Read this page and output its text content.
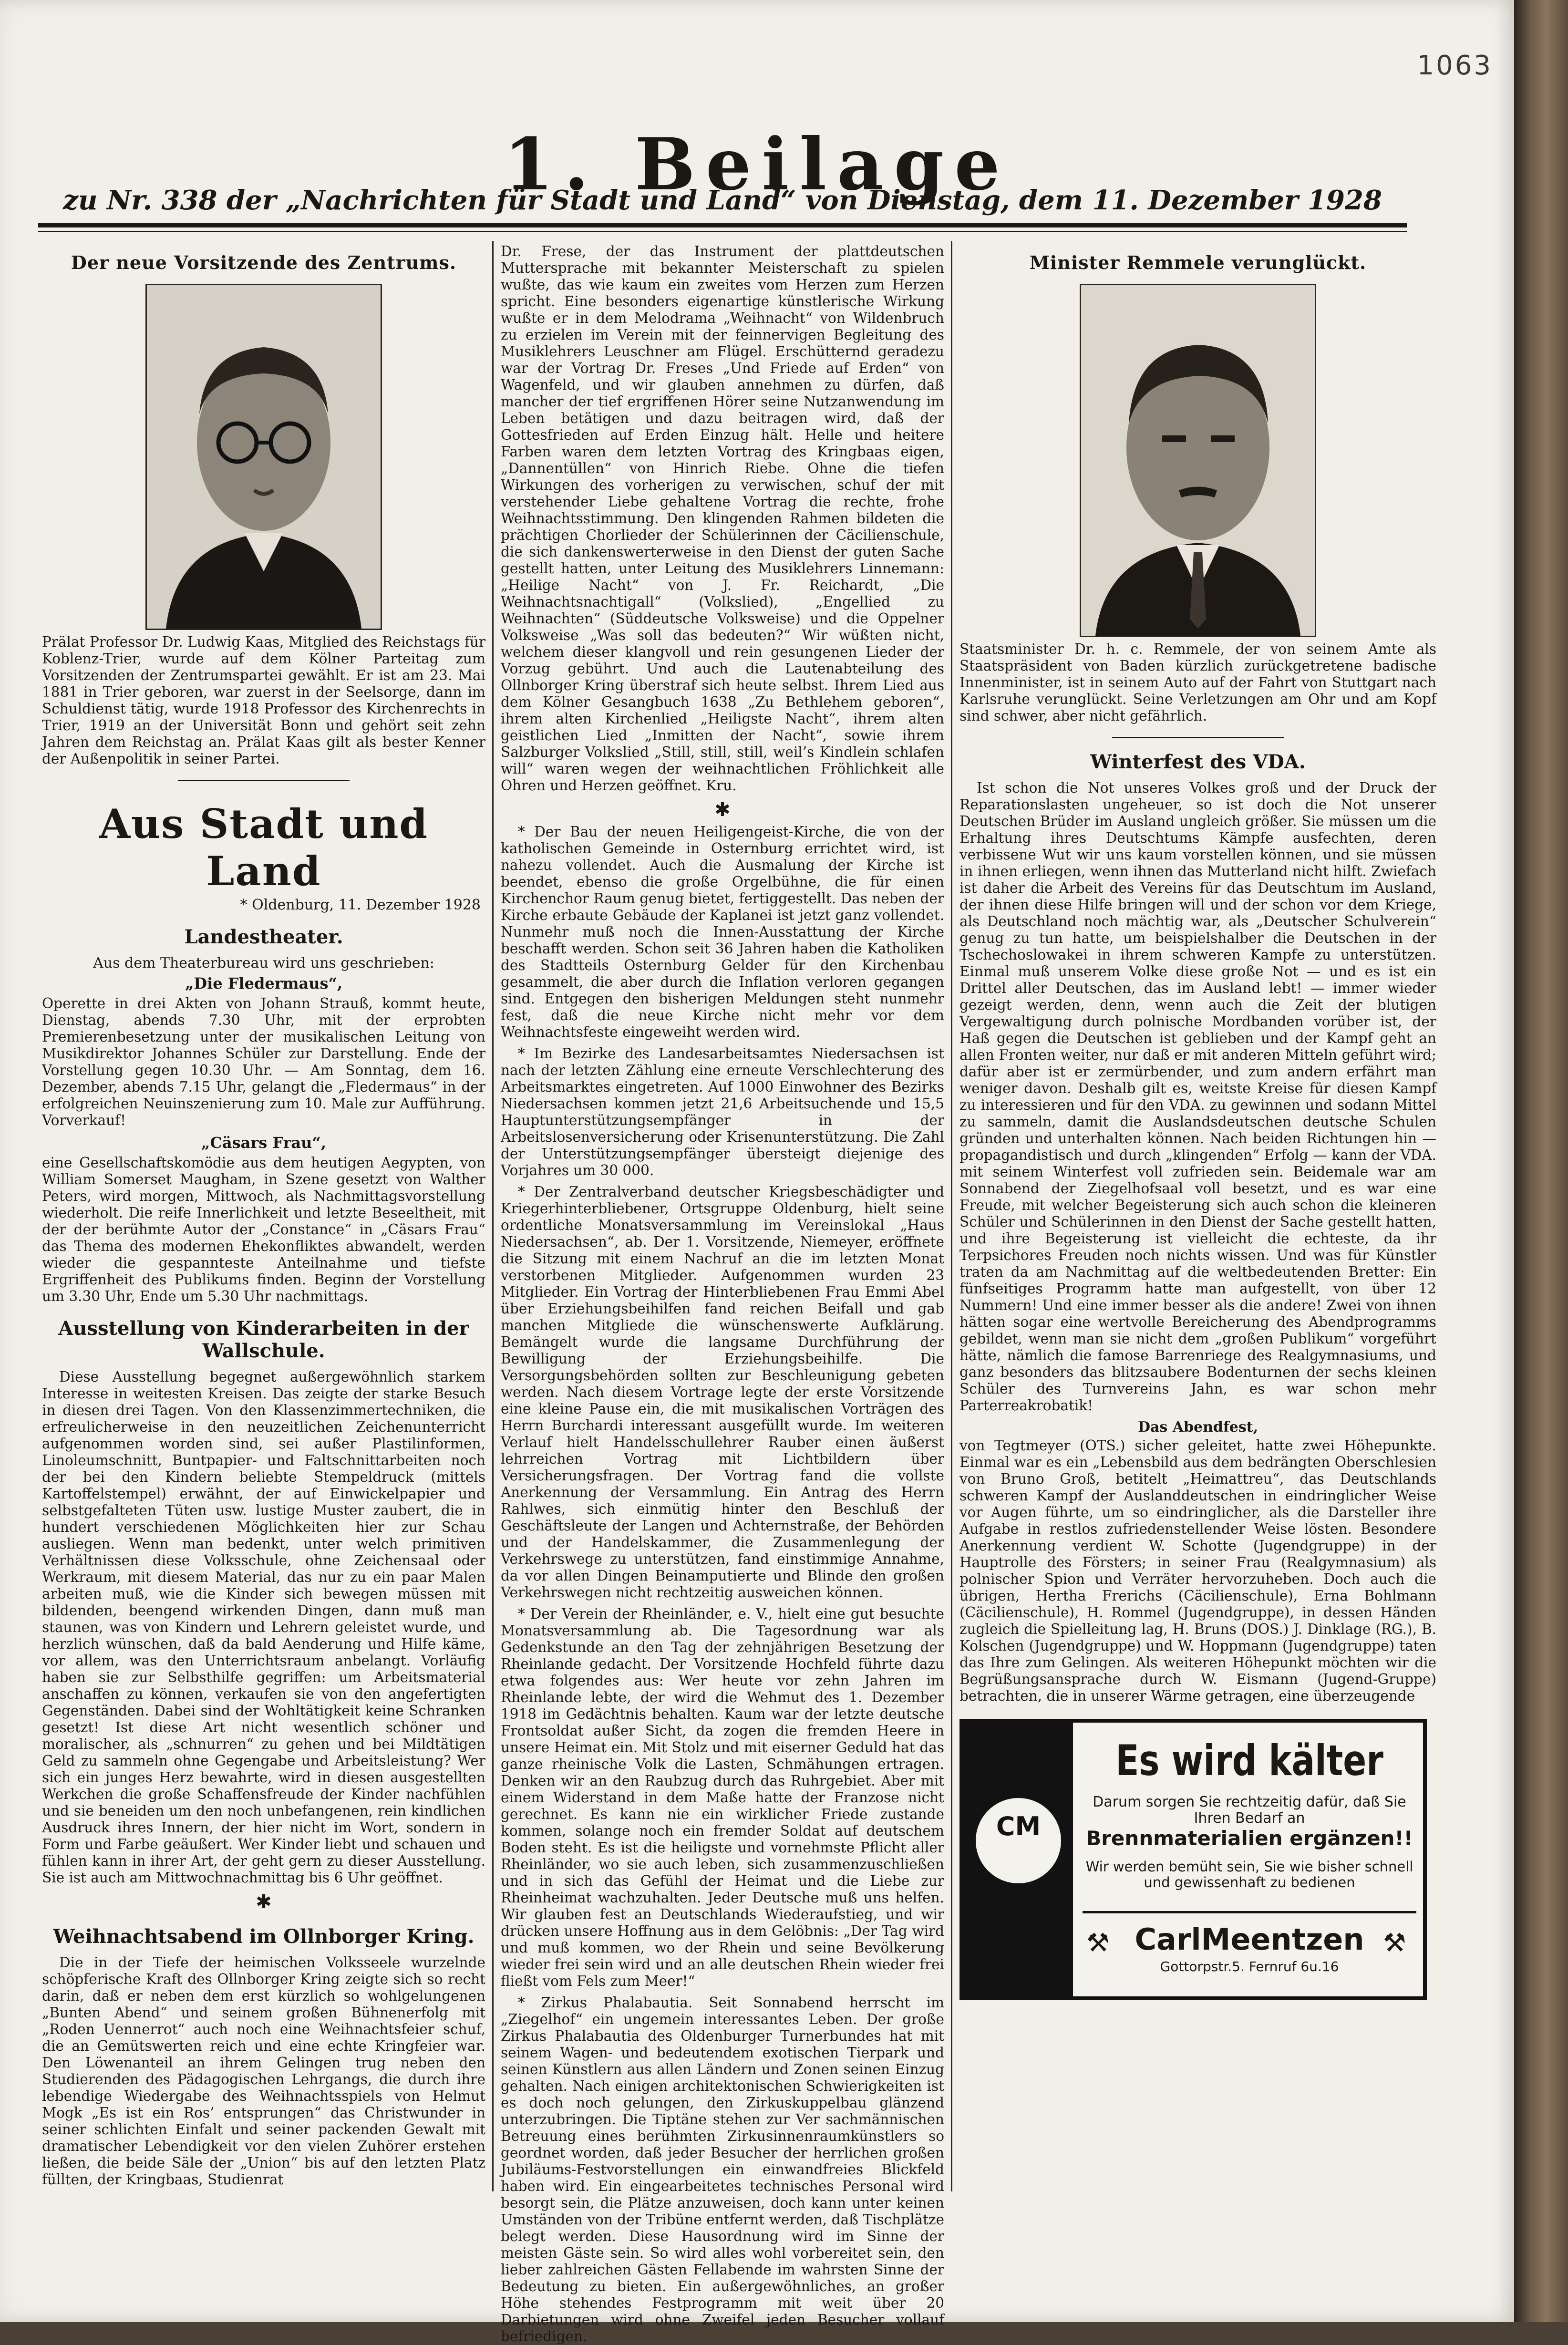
1063
1. Beilage
zu Nr. 338 der „Nachrichten für Stadt und Land“ von Dienstag, dem 11. Dezember 1928
Der neue Vorsitzende des Zentrums.
Prälat Professor Dr. Ludwig Kaas, Mitglied des Reichstags für Koblenz-Trier, wurde auf dem Kölner Parteitag zum Vorsitzenden der Zentrumspartei gewählt. Er ist am 23. Mai 1881 in Trier geboren, war zuerst in der Seelsorge, dann im Schuldienst tätig, wurde 1918 Professor des Kirchenrechts in Trier, 1919 an der Universität Bonn und gehört seit zehn Jahren dem Reichstag an. Prälat Kaas gilt als bester Kenner der Außenpolitik in seiner Partei.
Aus Stadt und Land
* Oldenburg, 11. Dezember 1928
Landestheater.
Aus dem Theaterbureau wird uns geschrieben:
„Die Fledermaus“,

Operette in drei Akten von Johann Strauß, kommt heute, Dienstag, abends 7.30 Uhr, mit der erprobten Premierenbesetzung unter der musikalischen Leitung von Musikdirektor Johannes Schüler zur Darstellung. Ende der Vorstellung gegen 10.30 Uhr. — Am Sonntag, dem 16. Dezember, abends 7.15 Uhr, gelangt die „Fledermaus“ in der erfolgreichen Neuinszenierung zum 10. Male zur Aufführung. Vorverkauf!

„Cäsars Frau“,

eine Gesellschaftskomödie aus dem heutigen Aegypten, von William Somerset Maugham, in Szene gesetzt von Walther Peters, wird morgen, Mittwoch, als Nachmittagsvorstellung wiederholt. Die reife Innerlichkeit und letzte Beseeltheit, mit der der berühmte Autor der „Constance“ in „Cäsars Frau“ das Thema des modernen Ehekonfliktes abwandelt, werden wieder die gespannteste Anteilnahme und tiefste Ergriffenheit des Publikums finden. Beginn der Vorstellung um 3.30 Uhr, Ende um 5.30 Uhr nachmittags.

Ausstellung von Kinderarbeiten in der Wallschule.

Diese Ausstellung begegnet außergewöhnlich starkem Interesse in weitesten Kreisen. Das zeigte der starke Besuch in diesen drei Tagen. Von den Klassenzimmertechniken, die erfreulicherweise in den neuzeitlichen Zeichenunterricht aufgenommen worden sind, sei außer Plastilinformen, Linoleumschnitt, Buntpapier- und Faltschnittarbeiten noch der bei den Kindern beliebte Stempeldruck (mittels Kartoffelstempel) erwähnt, der auf Einwickelpapier und selbstgefalteten Tüten usw. lustige Muster zaubert, die in hundert verschiedenen Möglichkeiten hier zur Schau ausliegen. Wenn man bedenkt, unter welch primitiven Verhältnissen diese Volksschule, ohne Zeichensaal oder Werkraum, mit diesem Material, das nur zu ein paar Malen arbeiten muß, wie die Kinder sich bewegen müssen mit bildenden, beengend wirkenden Dingen, dann muß man staunen, was von Kindern und Lehrern geleistet wurde, und herzlich wünschen, daß da bald Aenderung und Hilfe käme, vor allem, was den Unterrichtsraum anbelangt. Vorläufig haben sie zur Selbsthilfe gegriffen: um Arbeitsmaterial anschaffen zu können, verkaufen sie von den angefertigten Gegenständen. Dabei sind der Wohltätigkeit keine Schranken gesetzt! Ist diese Art nicht wesentlich schöner und moralischer, als „schnurren“ zu gehen und bei Mildtätigen Geld zu sammeln ohne Gegengabe und Arbeitsleistung? Wer sich ein junges Herz bewahrte, wird in diesen ausgestellten Werkchen die große Schaffensfreude der Kinder nachfühlen und sie beneiden um den noch unbefangenen, rein kindlichen Ausdruck ihres Innern, der hier nicht im Wort, sondern in Form und Farbe geäußert. Wer Kinder liebt und schauen und fühlen kann in ihrer Art, der geht gern zu dieser Ausstellung. Sie ist auch am Mittwochnachmittag bis 6 Uhr geöffnet.

✱
Weihnachtsabend im Ollnborger Kring.

Die in der Tiefe der heimischen Volksseele wurzelnde schöpferische Kraft des Ollnborger Kring zeigte sich so recht darin, daß er neben dem erst kürzlich so wohlgelungenen „Bunten Abend“ und seinem großen Bühnenerfolg mit „Roden Uennerrot“ auch noch eine Weihnachtsfeier schuf, die an Gemütswerten reich und eine echte Kringfeier war. Den Löwenanteil an ihrem Gelingen trug neben den Studierenden des Pädagogischen Lehrgangs, die durch ihre lebendige Wiedergabe des Weihnachtsspiels von Helmut Mogk „Es ist ein Ros’ entsprungen“ das Christwunder in seiner schlichten Einfalt und seiner packenden Gewalt mit dramatischer Lebendigkeit vor den vielen Zuhörer erstehen ließen, die beide Säle der „Union“ bis auf den letzten Platz füllten, der Kringbaas, Studienrat

Dr. Frese, der das Instrument der plattdeutschen Muttersprache mit bekannter Meisterschaft zu spielen wußte, das wie kaum ein zweites vom Herzen zum Herzen spricht. Eine besonders eigenartige künstlerische Wirkung wußte er in dem Melodrama „Weihnacht“ von Wildenbruch zu erzielen im Verein mit der feinnervigen Begleitung des Musiklehrers Leuschner am Flügel. Erschütternd geradezu war der Vortrag Dr. Freses „Und Friede auf Erden“ von Wagenfeld, und wir glauben annehmen zu dürfen, daß mancher der tief ergriffenen Hörer seine Nutzanwendung im Leben betätigen und dazu beitragen wird, daß der Gottesfrieden auf Erden Einzug hält. Helle und heitere Farben waren dem letzten Vortrag des Kringbaas eigen, „Dannentüllen“ von Hinrich Riebe. Ohne die tiefen Wirkungen des vorherigen zu verwischen, schuf der mit verstehender Liebe gehaltene Vortrag die rechte, frohe Weihnachtsstimmung. Den klingenden Rahmen bildeten die prächtigen Chorlieder der Schülerinnen der Cäcilienschule, die sich dankenswerterweise in den Dienst der guten Sache gestellt hatten, unter Leitung des Musiklehrers Linnemann: „Heilige Nacht“ von J. Fr. Reichardt, „Die Weihnachtsnachtigall“ (Volkslied), „Engellied zu Weihnachten“ (Süddeutsche Volksweise) und die Oppelner Volksweise „Was soll das bedeuten?“ Wir wüßten nicht, welchem dieser klangvoll und rein gesungenen Lieder der Vorzug gebührt. Und auch die Lautenabteilung des Ollnborger Kring überstraf sich heute selbst. Ihrem Lied aus dem Kölner Gesangbuch 1638 „Zu Bethlehem geboren“, ihrem alten Kirchenlied „Heiligste Nacht“, ihrem alten geistlichen Lied „Inmitten der Nacht“, sowie ihrem Salzburger Volkslied „Still, still, still, weil’s Kindlein schlafen will“ waren wegen der weihnachtlichen Fröhlichkeit alle Ohren und Herzen geöffnet. Kru.

✱

* Der Bau der neuen Heiligengeist-Kirche, die von der katholischen Gemeinde in Osternburg errichtet wird, ist nahezu vollendet. Auch die Ausmalung der Kirche ist beendet, ebenso die große Orgelbühne, die für einen Kirchenchor Raum genug bietet, fertiggestellt. Das neben der Kirche erbaute Gebäude der Kaplanei ist jetzt ganz vollendet. Nunmehr muß noch die Innen-Ausstattung der Kirche beschafft werden. Schon seit 36 Jahren haben die Katholiken des Stadtteils Osternburg Gelder für den Kirchenbau gesammelt, die aber durch die Inflation verloren gegangen sind. Entgegen den bisherigen Meldungen steht nunmehr fest, daß die neue Kirche nicht mehr vor dem Weihnachtsfeste eingeweiht werden wird.

* Im Bezirke des Landesarbeitsamtes Niedersachsen ist nach der letzten Zählung eine erneute Verschlechterung des Arbeitsmarktes eingetreten. Auf 1000 Einwohner des Bezirks Niedersachsen kommen jetzt 21,6 Arbeitsuchende und 15,5 Hauptunterstützungsempfänger in der Arbeitslosenversicherung oder Krisenunterstützung. Die Zahl der Unterstützungsempfänger übersteigt diejenige des Vorjahres um 30 000.

* Der Zentralverband deutscher Kriegsbeschädigter und Kriegerhinterbliebener, Ortsgruppe Oldenburg, hielt seine ordentliche Monatsversammlung im Vereinslokal „Haus Niedersachsen“, ab. Der 1. Vorsitzende, Niemeyer, eröffnete die Sitzung mit einem Nachruf an die im letzten Monat verstorbenen Mitglieder. Aufgenommen wurden 23 Mitglieder. Ein Vortrag der Hinterbliebenen Frau Emmi Abel über Erziehungsbeihilfen fand reichen Beifall und gab manchen Mitgliede die wünschenswerte Aufklärung. Bemängelt wurde die langsame Durchführung der Bewilligung der Erziehungsbeihilfe. Die Versorgungsbehörden sollten zur Beschleunigung gebeten werden. Nach diesem Vortrage legte der erste Vorsitzende eine kleine Pause ein, die mit musikalischen Vorträgen des Herrn Burchardi interessant ausgefüllt wurde. Im weiteren Verlauf hielt Handelsschullehrer Rauber einen äußerst lehrreichen Vortrag mit Lichtbildern über Versicherungsfragen. Der Vortrag fand die vollste Anerkennung der Versammlung. Ein Antrag des Herrn Rahlwes, sich einmütig hinter den Beschluß der Geschäftsleute der Langen und Achternstraße, der Behörden und der Handelskammer, die Zusammenlegung der Verkehrswege zu unterstützen, fand einstimmige Annahme, da vor allen Dingen Beinamputierte und Blinde den großen Verkehrswegen nicht rechtzeitig ausweichen können.

* Der Verein der Rheinländer, e. V., hielt eine gut besuchte Monatsversammlung ab. Die Tagesordnung war als Gedenkstunde an den Tag der zehnjährigen Besetzung der Rheinlande gedacht. Der Vorsitzende Hochfeld führte dazu etwa folgendes aus: Wer heute vor zehn Jahren im Rheinlande lebte, der wird die Wehmut des 1. Dezember 1918 im Gedächtnis behalten. Kaum war der letzte deutsche Frontsoldat außer Sicht, da zogen die fremden Heere in unsere Heimat ein. Mit Stolz und mit eiserner Geduld hat das ganze rheinische Volk die Lasten, Schmähungen ertragen. Denken wir an den Raubzug durch das Ruhrgebiet. Aber mit einem Widerstand in dem Maße hatte der Franzose nicht gerechnet. Es kann nie ein wirklicher Friede zustande kommen, solange noch ein fremder Soldat auf deutschem Boden steht. Es ist die heiligste und vornehmste Pflicht aller Rheinländer, wo sie auch leben, sich zusammenzuschließen und in sich das Gefühl der Heimat und die Liebe zur Rheinheimat wachzuhalten. Jeder Deutsche muß uns helfen. Wir glauben fest an Deutschlands Wiederaufstieg, und wir drücken unsere Hoffnung aus in dem Gelöbnis: „Der Tag wird und muß kommen, wo der Rhein und seine Bevölkerung wieder frei sein wird und an alle deutschen Rhein wieder frei fließt vom Fels zum Meer!“

* Zirkus Phalabautia. Seit Sonnabend herrscht im „Ziegelhof“ ein ungemein interessantes Leben. Der große Zirkus Phalabautia des Oldenburger Turnerbundes hat mit seinem Wagen- und bedeutendem exotischen Tierpark und seinen Künstlern aus allen Ländern und Zonen seinen Einzug gehalten. Nach einigen architektonischen Schwierigkeiten ist es doch noch gelungen, den Zirkuskuppelbau glänzend unterzubringen. Die Tiptäne stehen zur Ver sachmännischen Betreuung eines berühmten Zirkusinnenraumkünstlers so geordnet worden, daß jeder Besucher der herrlichen großen Jubiläums-Festvorstellungen ein einwandfreies Blickfeld haben wird. Ein eingearbeitetes technisches Personal wird besorgt sein, die Plätze anzuweisen, doch kann unter keinen Umständen von der Tribüne entfernt werden, daß Tischplätze belegt werden. Diese Hausordnung wird im Sinne der meisten Gäste sein. So wird alles wohl vorbereitet sein, den lieber zahlreichen Gästen Fellabende im wahrsten Sinne der Bedeutung zu bieten. Ein außergewöhnliches, an großer Höhe stehendes Festprogramm mit weit über 20 Darbietungen wird ohne Zweifel jeden Besucher vollauf befriedigen.

Minister Remmele verunglückt.
Staatsminister Dr. h. c. Remmele, der von seinem Amte als Staatspräsident von Baden kürzlich zurückgetretene badische Innenminister, ist in seinem Auto auf der Fahrt von Stuttgart nach Karlsruhe verunglückt. Seine Verletzungen am Ohr und am Kopf sind schwer, aber nicht gefährlich.
Winterfest des VDA.

Ist schon die Not unseres Volkes groß und der Druck der Reparationslasten ungeheuer, so ist doch die Not unserer Deutschen Brüder im Ausland ungleich größer. Sie müssen um die Erhaltung ihres Deutschtums Kämpfe ausfechten, deren verbissene Wut wir uns kaum vorstellen können, und sie müssen in ihnen erliegen, wenn ihnen das Mutterland nicht hilft. Zwiefach ist daher die Arbeit des Vereins für das Deutschtum im Ausland, der ihnen diese Hilfe bringen will und der schon vor dem Kriege, als Deutschland noch mächtig war, als „Deutscher Schulverein“ genug zu tun hatte, um beispielshalber die Deutschen in der Tschechoslowakei in ihrem schweren Kampfe zu unterstützen. Einmal muß unserem Volke diese große Not — und es ist ein Drittel aller Deutschen, das im Ausland lebt! — immer wieder gezeigt werden, denn, wenn auch die Zeit der blutigen Vergewaltigung durch polnische Mordbanden vorüber ist, der Haß gegen die Deutschen ist geblieben und der Kampf geht an allen Fronten weiter, nur daß er mit anderen Mitteln geführt wird; dafür aber ist er zermürbender, und zum andern erfährt man weniger davon. Deshalb gilt es, weitste Kreise für diesen Kampf zu interessieren und für den VDA. zu gewinnen und sodann Mittel zu sammeln, damit die Auslandsdeutschen deutsche Schulen gründen und unterhalten können. Nach beiden Richtungen hin — propagandistisch und durch „klingenden“ Erfolg — kann der VDA. mit seinem Winterfest voll zufrieden sein. Beidemale war am Sonnabend der Ziegelhofsaal voll besetzt, und es war eine Freude, mit welcher Begeisterung sich auch schon die kleineren Schüler und Schülerinnen in den Dienst der Sache gestellt hatten, und ihre Begeisterung ist vielleicht die echteste, da ihr Terpsichores Freuden noch nichts wissen. Und was für Künstler traten da am Nachmittag auf die weltbedeutenden Bretter: Ein fünfseitiges Programm hatte man aufgestellt, von über 12 Nummern! Und eine immer besser als die andere! Zwei von ihnen hätten sogar eine wertvolle Bereicherung des Abendprogramms gebildet, wenn man sie nicht dem „großen Publikum“ vorgeführt hätte, nämlich die famose Barrenriege des Realgymnasiums, und ganz besonders das blitzsaubere Bodenturnen der sechs kleinen Schüler des Turnvereins Jahn, es war schon mehr Parterreakrobatik!

Das Abendfest,

von Tegtmeyer (OTS.) sicher geleitet, hatte zwei Höhepunkte. Einmal war es ein „Lebensbild aus dem bedrängten Oberschlesien von Bruno Groß, betitelt „Heimattreu“, das Deutschlands schweren Kampf der Auslanddeutschen in eindringlicher Weise vor Augen führte, um so eindringlicher, als die Darsteller ihre Aufgabe in restlos zufriedenstellender Weise lösten. Besondere Anerkennung verdient W. Schotte (Jugendgruppe) in der Hauptrolle des Försters; in seiner Frau (Realgymnasium) als polnischer Spion und Verräter hervorzuheben. Doch auch die übrigen, Hertha Frerichs (Cäcilienschule), Erna Bohlmann (Cäcilienschule), H. Rommel (Jugendgruppe), in dessen Händen zugleich die Spielleitung lag, H. Bruns (DOS.) J. Dinklage (RG.), B. Kolschen (Jugendgruppe) und W. Hoppmann (Jugendgruppe) taten das Ihre zum Gelingen. Als weiteren Höhepunkt möchten wir die Begrüßungsansprache durch W. Eismann (Jugend-Gruppe) betrachten, die in unserer Wärme getragen, eine überzeugende

CM
Es wird kälter
Darum sorgen Sie rechtzeitig dafür, daß Sie Ihren Bedarf an
Brennmaterialien ergänzen!!
Wir werden bemüht sein, Sie wie bisher schnell und gewissenhaft zu bedienen
⚒ CarlMeentzen ⚒
Gottorpstr.5. Fernruf 6u.16
